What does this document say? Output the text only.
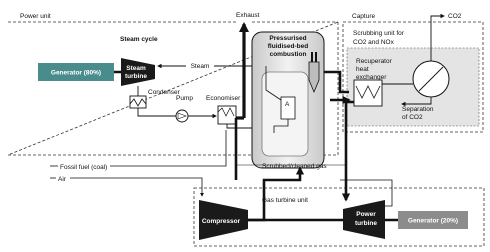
Power unit	Capture
Scrubbing unit for
CO2 and NOx
Gas turbine unit
Steam cycle
Generator (80%)
Steam
turbine
Steam
Condenser
Pump Economiser
Exhaust
Pressurised
fluidised-bed
combustion
A
Recuperator
heat
exchanger
Separation
of CO2
CO2
Scrubbed/cleaned gas
Fossil fuel (coal)
Air
Compressor
Power
turbine	Generator (20%)
